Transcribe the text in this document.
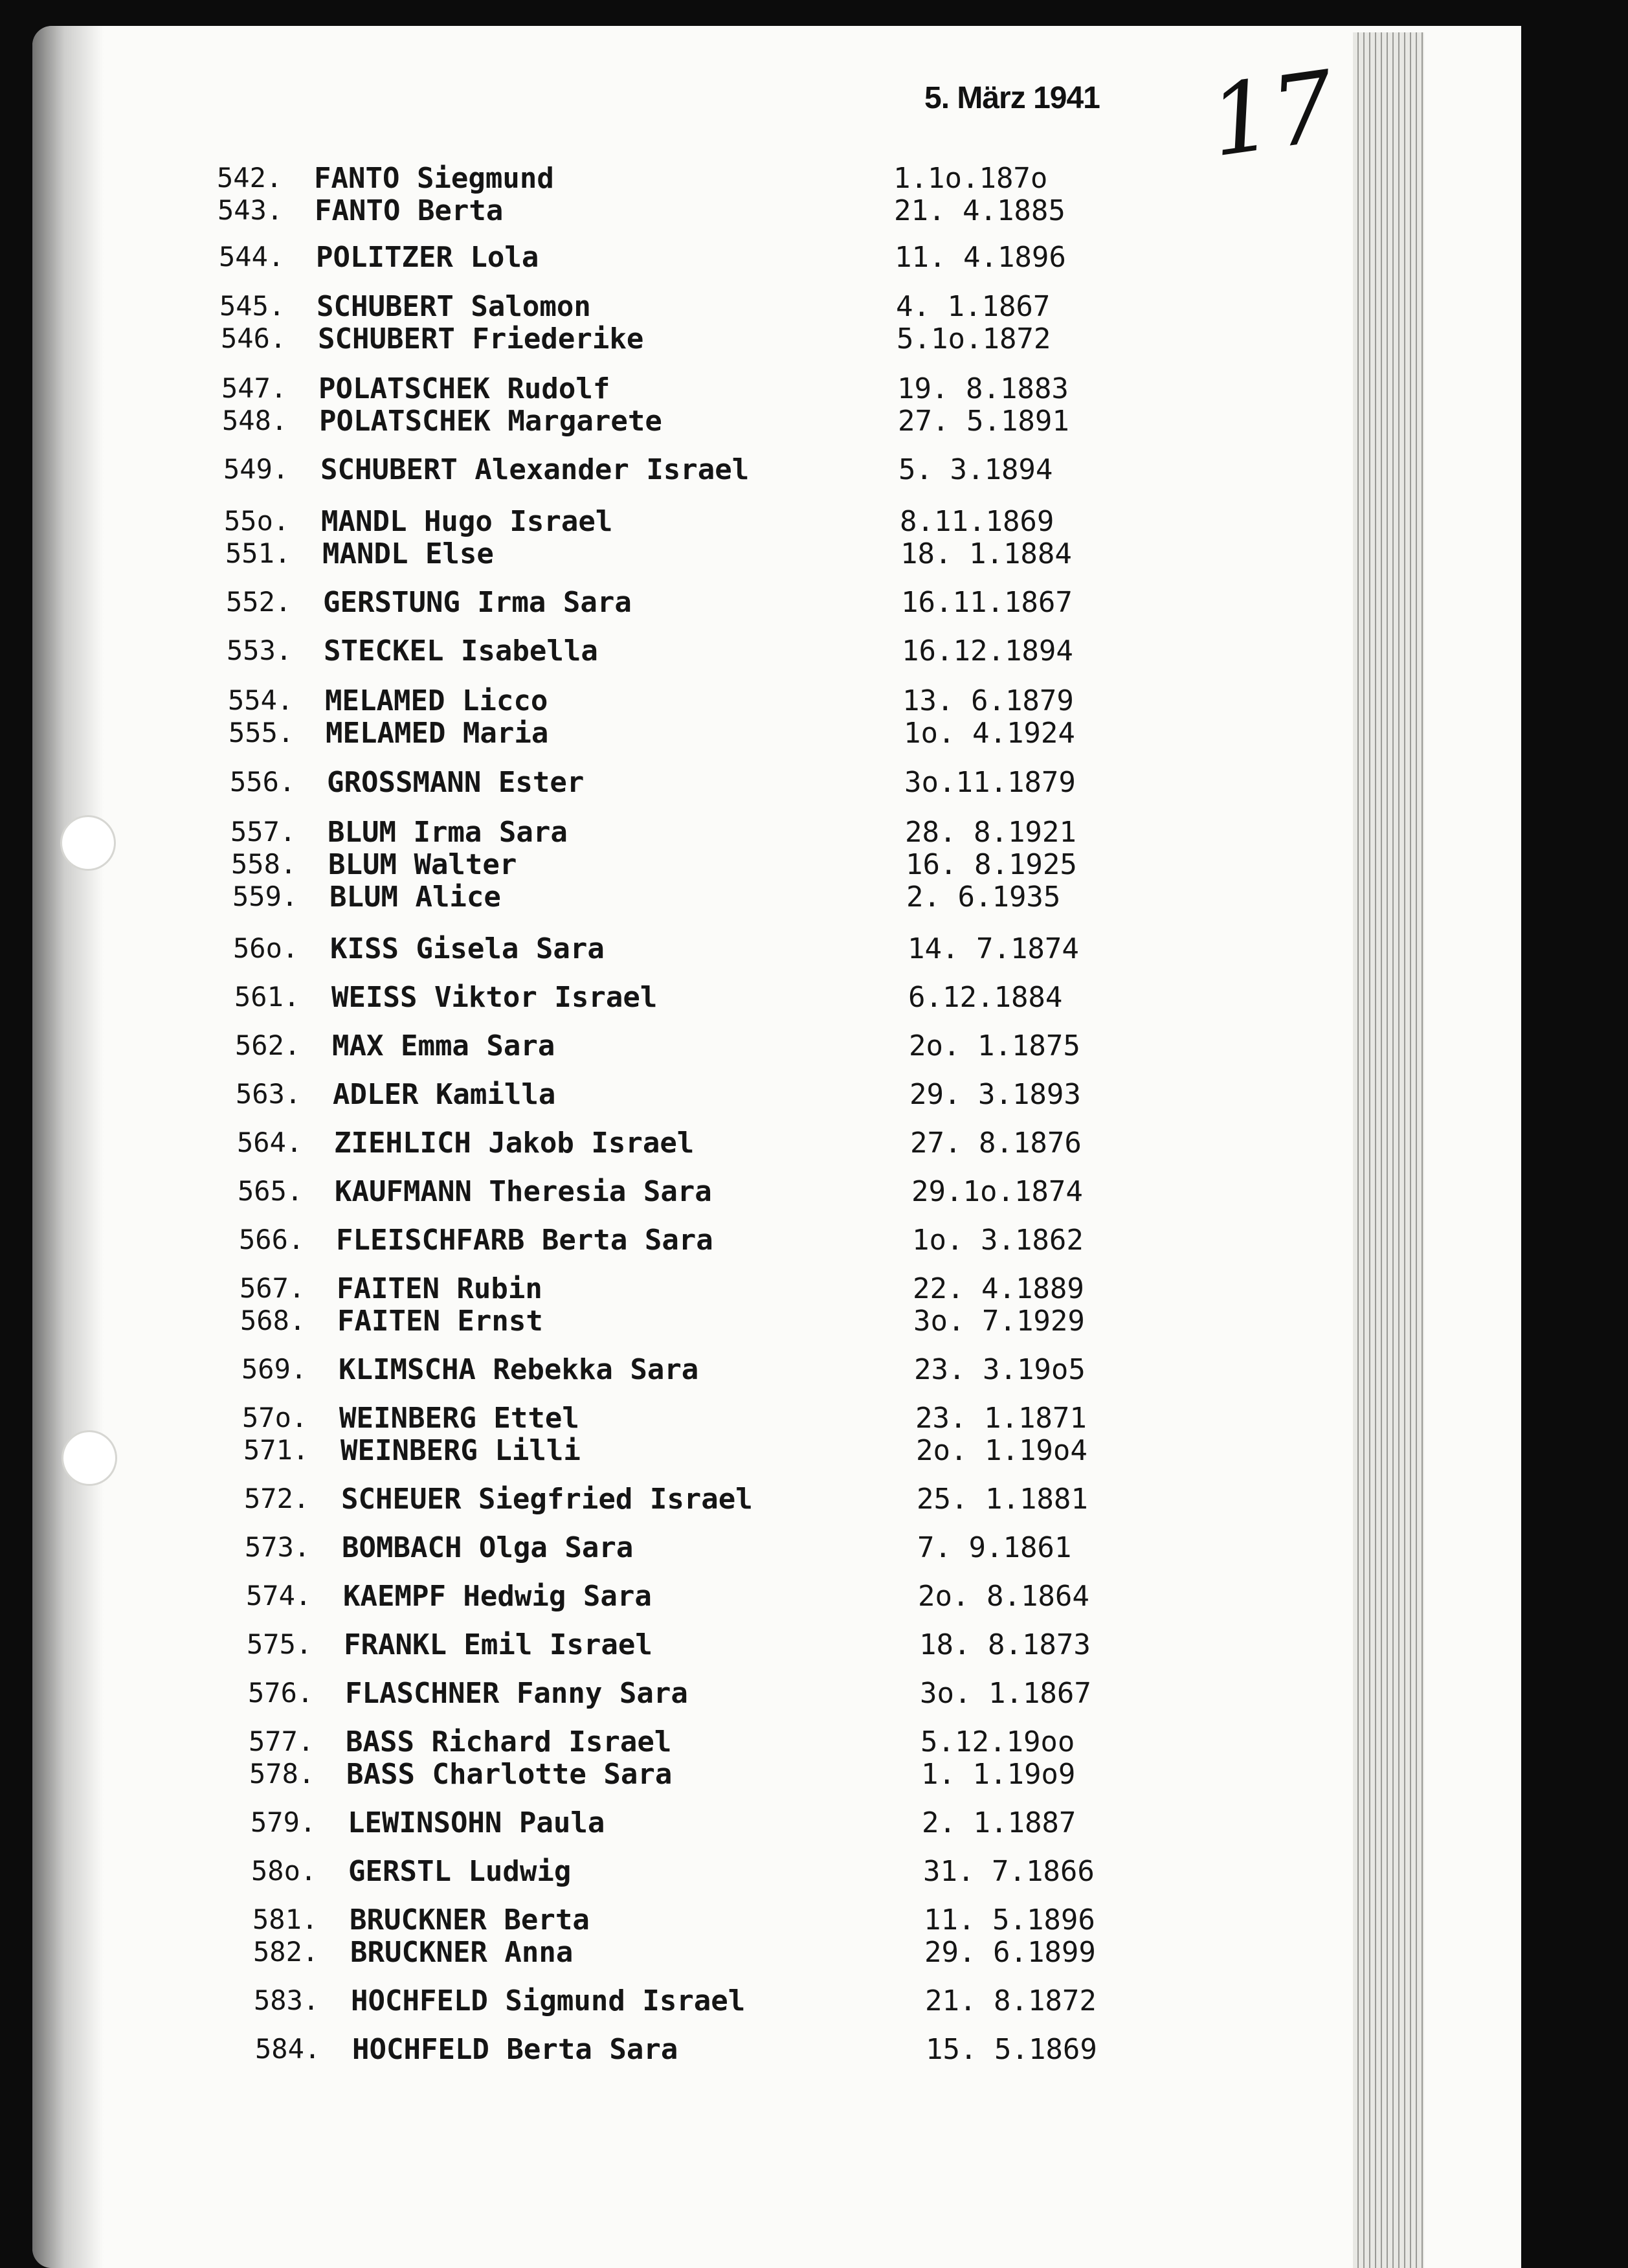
5. März 1941 17
542. FANTO Siegmund	1.1o.187o
543. FANTO Berta	21. 4.1885
544. POLITZER Lola	11. 4.1896
545. SCHUBERT Salomon	4. 1.1867
546. SCHUBERT Friederike	5.1o.1872
547. POLATSCHEK Rudolf	19. 8.1883
548. POLATSCHEK Margarete	27. 5.1891
549. SCHUBERT Alexander Israel	5. 3.1894
55o. MANDL Hugo Israel	8.11.1869
551. MANDL Else	18. 1.1884
552. GERSTUNG Irma Sara	16.11.1867
553. STECKEL Isabella	16.12.1894
554. MELAMED Licco	13. 6.1879
555. MELAMED Maria	1o. 4.1924
556. GROSSMANN Ester	3o.11.1879
557. BLUM Irma Sara	28. 8.1921
558. BLUM Walter	16. 8.1925
559. BLUM Alice	2. 6.1935
56o. KISS Gisela Sara	14. 7.1874
561. WEISS Viktor Israel	6.12.1884
562. MAX Emma Sara	2o. 1.1875
563. ADLER Kamilla	29. 3.1893
564. ZIEHLICH Jakob Israel	27. 8.1876
565. KAUFMANN Theresia Sara	29.1o.1874
566. FLEISCHFARB Berta Sara	1o. 3.1862
567. FAITEN Rubin	22. 4.1889
568. FAITEN Ernst	3o. 7.1929
569. KLIMSCHA Rebekka Sara	23. 3.19o5
57o. WEINBERG Ettel	23. 1.1871
571. WEINBERG Lilli	2o. 1.19o4
572. SCHEUER Siegfried Israel	25. 1.1881
573. BOMBACH Olga Sara	7. 9.1861
574. KAEMPF Hedwig Sara	2o. 8.1864
575. FRANKL Emil Israel	18. 8.1873
576. FLASCHNER Fanny Sara	3o. 1.1867
577. BASS Richard Israel	5.12.19oo
578. BASS Charlotte Sara	1. 1.19o9
579. LEWINSOHN Paula	2. 1.1887
58o. GERSTL Ludwig	31. 7.1866
581. BRUCKNER Berta	11. 5.1896
582. BRUCKNER Anna	29. 6.1899
583. HOCHFELD Sigmund Israel	21. 8.1872
584. HOCHFELD Berta Sara	15. 5.1869
